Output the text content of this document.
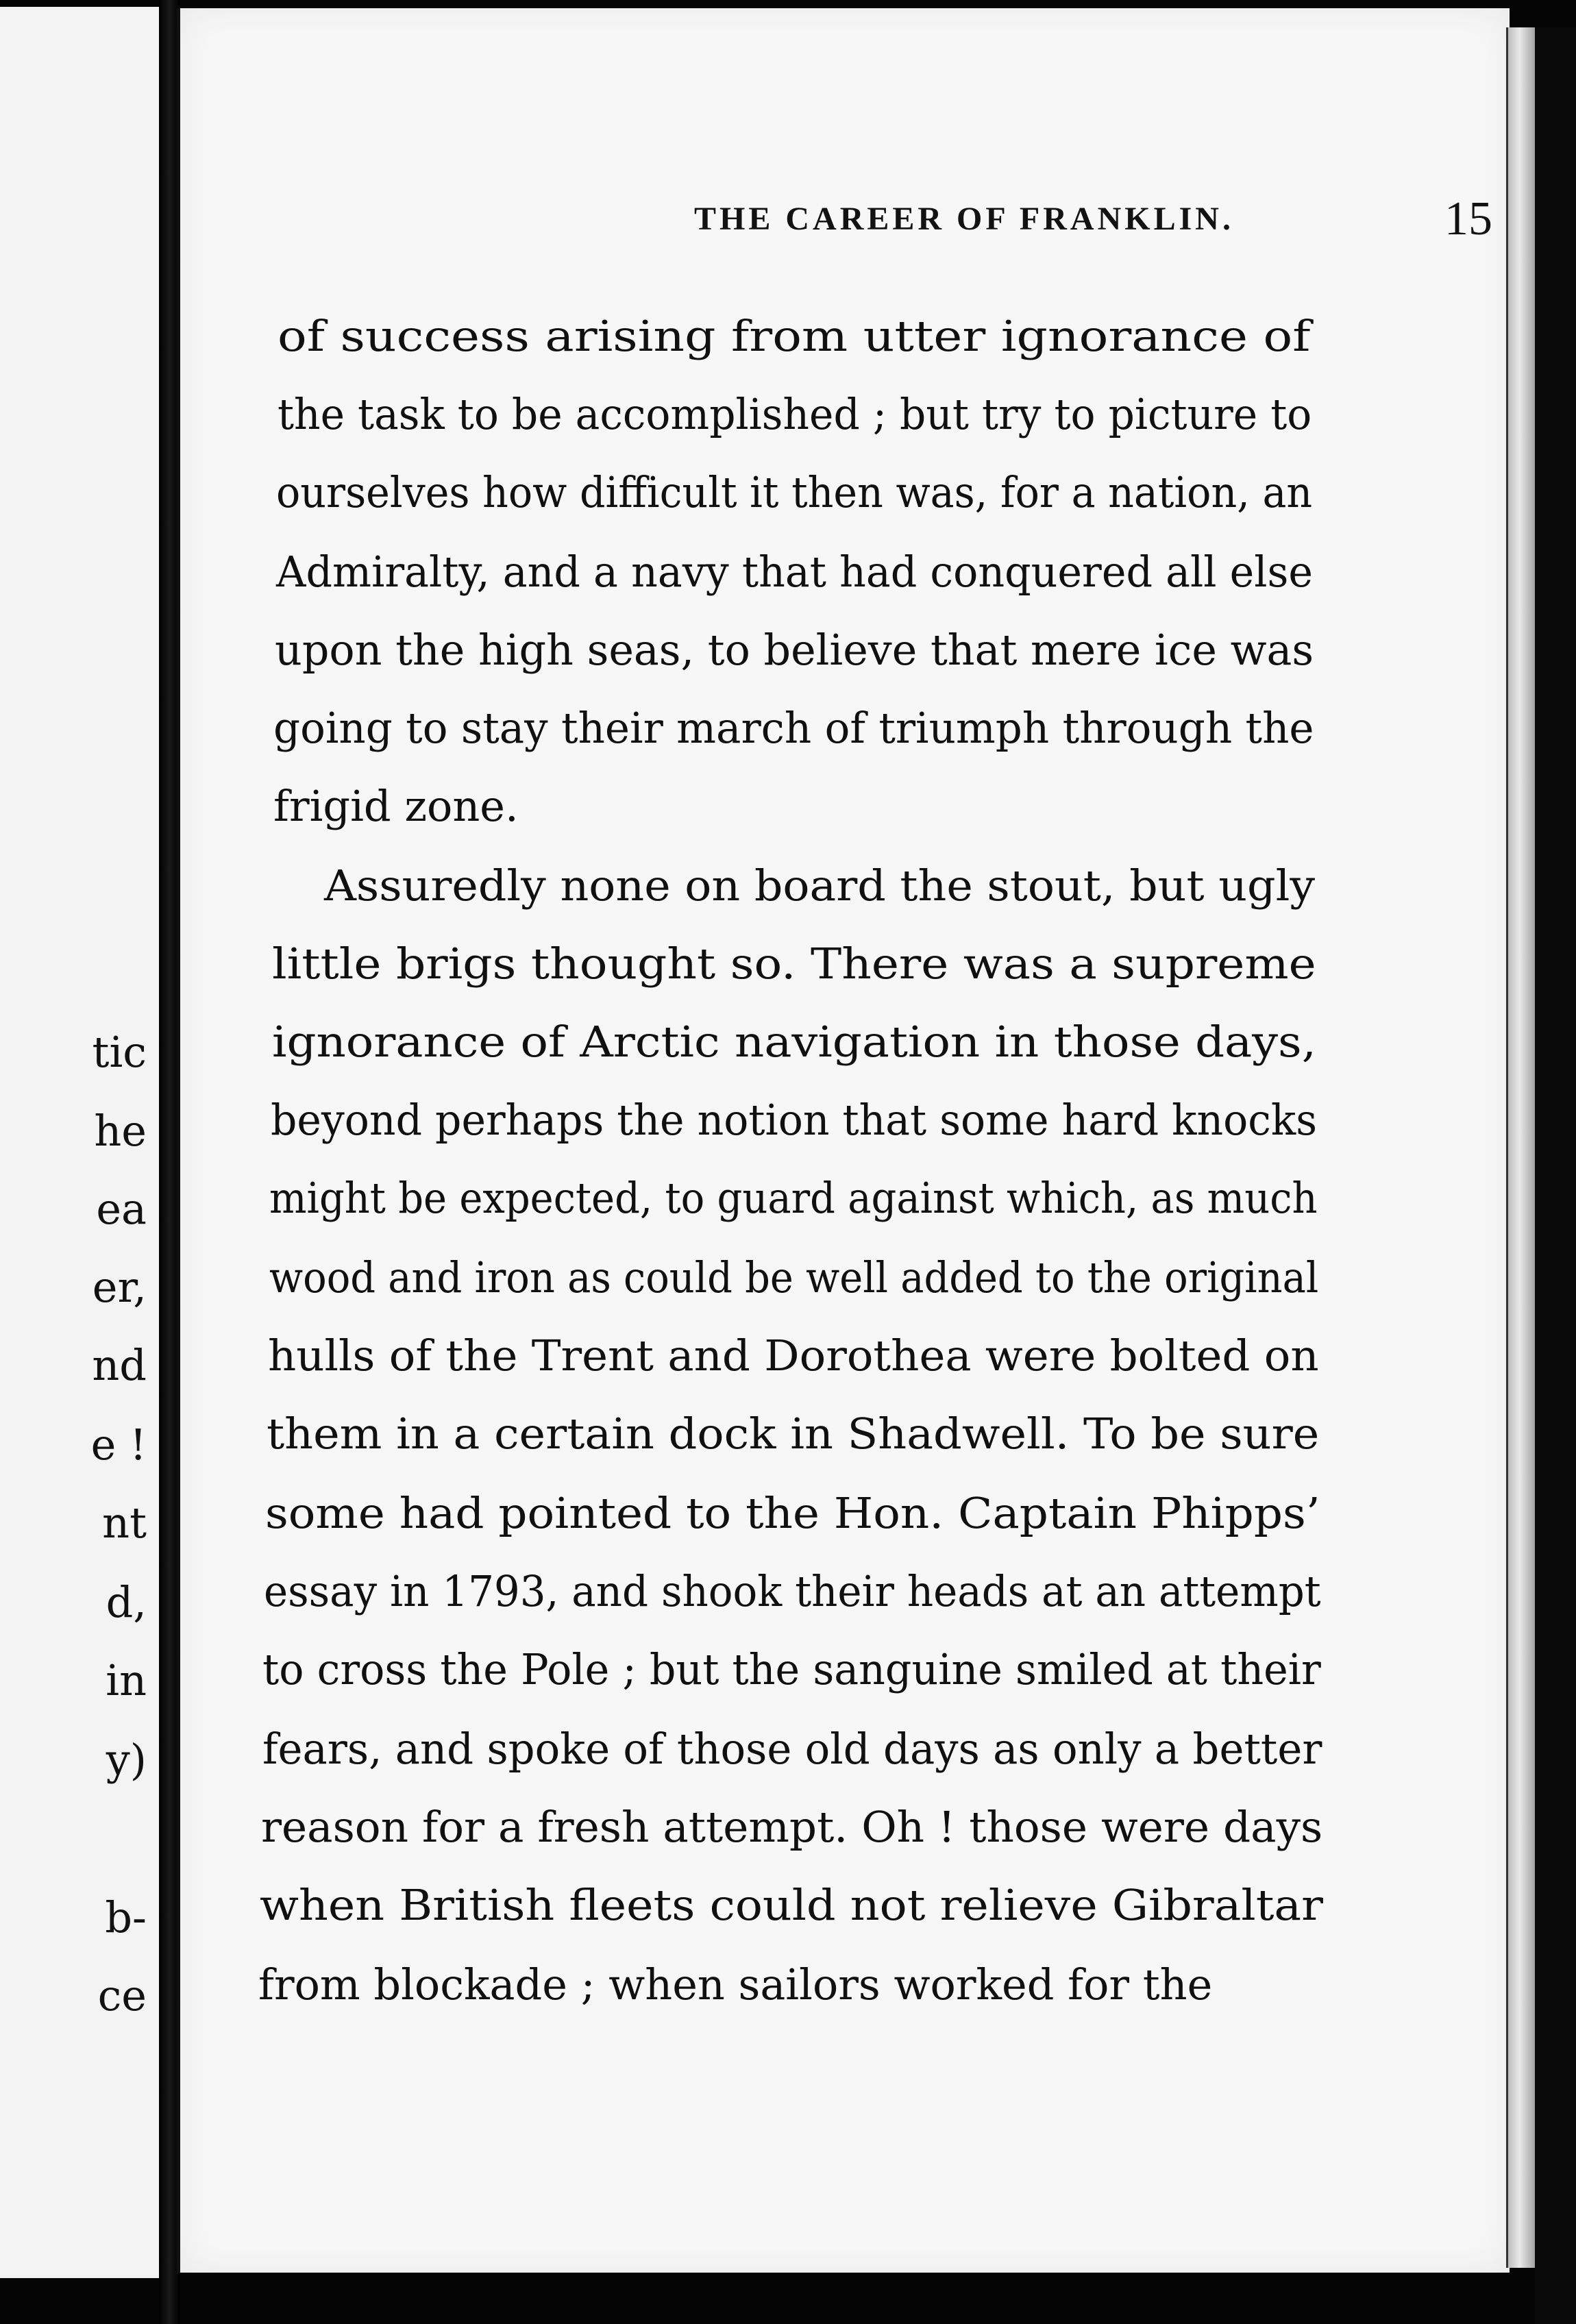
tic
he
ea
er,
nd
e !
nt
d,
in
y)
b-
ce
THE CAREER OF FRANKLIN.	15
of success arising from utter ignorance of
the task to be accomplished ; but try to picture to
ourselves how difficult it then was, for a nation, an
Admiralty, and a navy that had conquered all else
upon the high seas, to believe that mere ice was
going to stay their march of triumph through the
frigid zone.
Assuredly none on board the stout, but ugly
little brigs thought so. There was a supreme
ignorance of Arctic navigation in those days,
beyond perhaps the notion that some hard knocks
might be expected, to guard against which, as much
wood and iron as could be well added to the original
hulls of the Trent and Dorothea were bolted on
them in a certain dock in Shadwell. To be sure
some had pointed to the Hon. Captain Phipps’
essay in 1793, and shook their heads at an attempt
to cross the Pole ; but the sanguine smiled at their
fears, and spoke of those old days as only a better
reason for a fresh attempt. Oh ! those were days
when British fleets could not relieve Gibraltar
from blockade ; when sailors worked for the
